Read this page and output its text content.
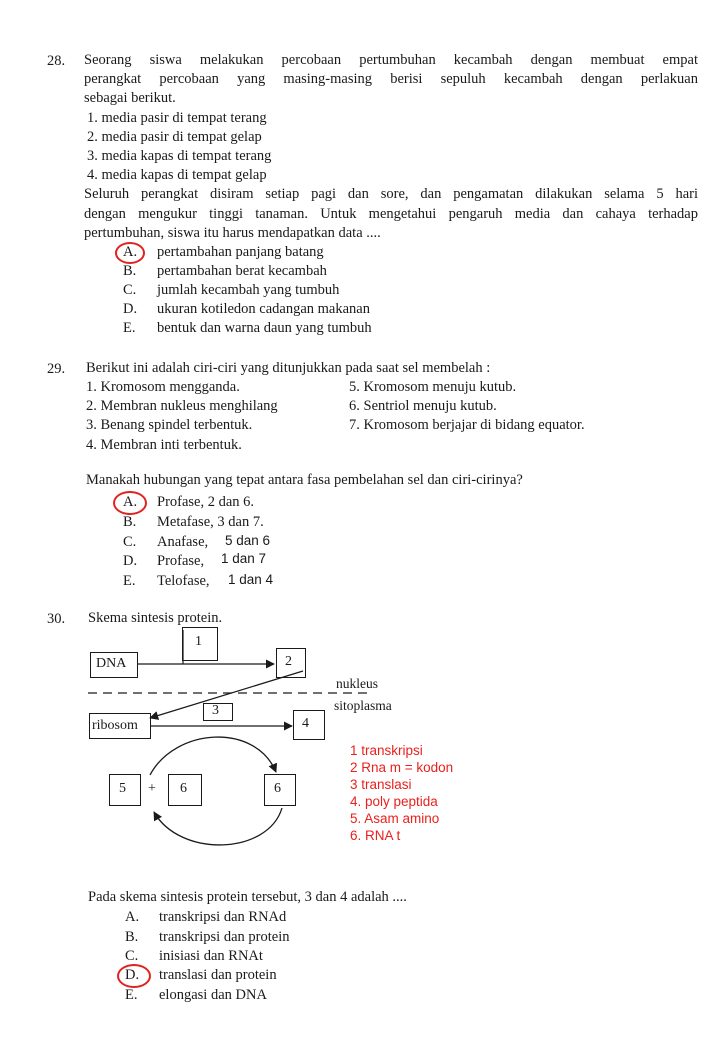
28. Seorang siswa melakukan percobaan pertumbuhan kecambah dengan membuat empat
perangkat percobaan yang masing-masing berisi sepuluh kecambah dengan perlakuan
sebagai berikut.
1. media pasir di tempat terang
2. media pasir di tempat gelap
3. media kapas di tempat terang
4. media kapas di tempat gelap
Seluruh perangkat disiram setiap pagi dan sore, dan pengamatan dilakukan selama 5 hari
dengan mengukur tinggi tanaman. Untuk mengetahui pengaruh media dan cahaya terhadap
pertumbuhan, siswa itu harus mendapatkan data ....
A. pertambahan panjang batang
B. pertambahan berat kecambah
C. jumlah kecambah yang tumbuh
D. ukuran kotiledon cadangan makanan
E. bentuk dan warna daun yang tumbuh
29. Berikut ini adalah ciri-ciri yang ditunjukkan pada saat sel membelah :
1. Kromosom mengganda.
2. Membran nukleus menghilang
3. Benang spindel terbentuk.
4. Membran inti terbentuk.
5. Kromosom menuju kutub.
6. Sentriol menuju kutub.
7. Kromosom berjajar di bidang equator.
Manakah hubungan yang tepat antara fasa pembelahan sel dan ciri-cirinya?
A. Profase, 2 dan 6.
B. Metafase, 3 dan 7.
C. Anafase, 5 dan 6
D. Profase, 1 dan 7
E. Telofase, 1 dan 4
30. Skema sintesis protein.
DNA
1
2
3
4
ribosom
5 + 6	6
nukleus
sitoplasma
1 transkripsi
2 Rna m = kodon
3 translasi
4. poly peptida
5. Asam amino
6. RNA t
Pada skema sintesis protein tersebut, 3 dan 4 adalah ....
A. transkripsi dan RNAd
B. transkripsi dan protein
C. inisiasi dan RNAt
D. translasi dan protein
E. elongasi dan DNA
